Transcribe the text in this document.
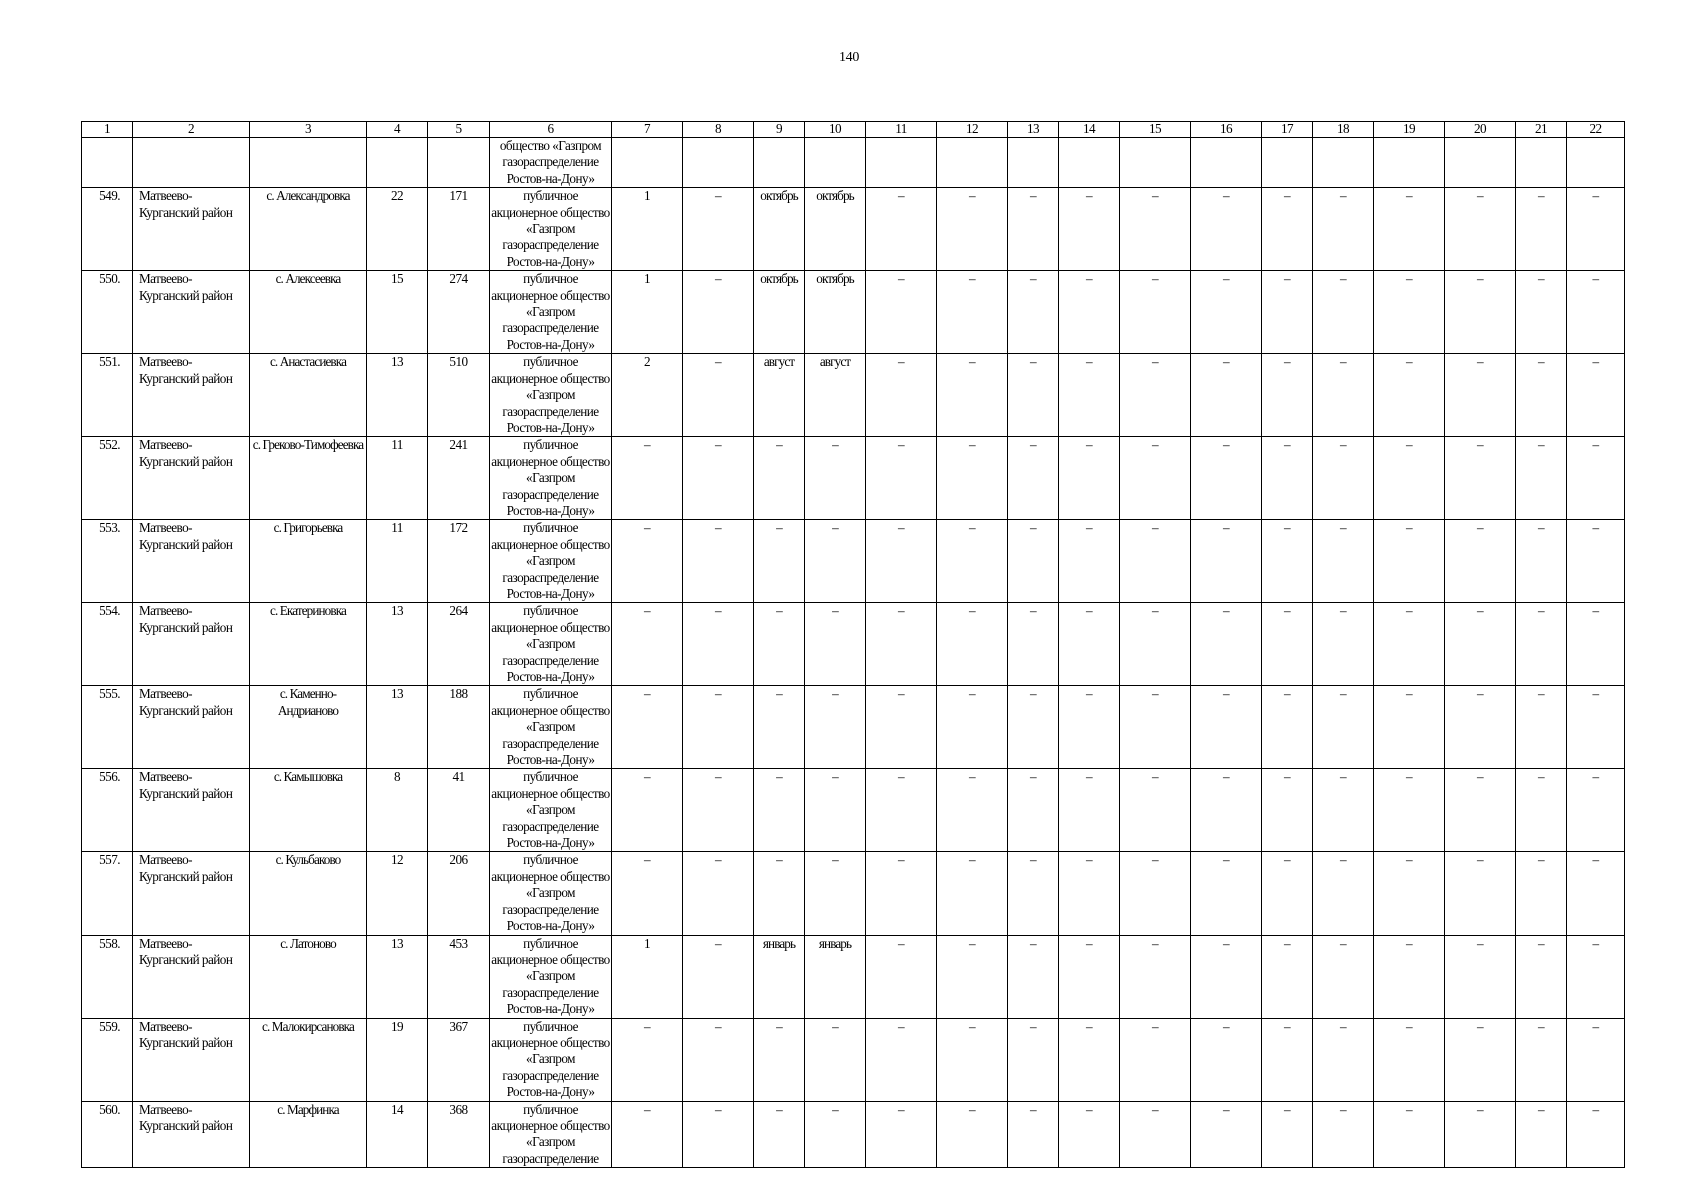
140
1	2	3	4	5	6	7	8	9	10	11	12	13	14	15	16	17	18	19	20	21	22
					общество «Газпром газораспределение Ростов-на-Дону»																
549.	Матвеево-Курганский район	с. Александровка	22	171	публичное акционерное общество «Газпром газораспределение Ростов-на-Дону»	1	–	октябрь	октябрь	–	–	–	–	–	–	–	–	–	–	–	–
550.	Матвеево-Курганский район	с. Алексеевка	15	274	публичное акционерное общество «Газпром газораспределение Ростов-на-Дону»	1	–	октябрь	октябрь	–	–	–	–	–	–	–	–	–	–	–	–
551.	Матвеево-Курганский район	с. Анастасиевка	13	510	публичное акционерное общество «Газпром газораспределение Ростов-на-Дону»	2	–	август	август	–	–	–	–	–	–	–	–	–	–	–	–
552.	Матвеево-Курганский район	с. Греково-Тимофеевка	11	241	публичное акционерное общество «Газпром газораспределение Ростов-на-Дону»	–	–	–	–	–	–	–	–	–	–	–	–	–	–	–	–
553.	Матвеево-Курганский район	с. Григорьевка	11	172	публичное акционерное общество «Газпром газораспределение Ростов-на-Дону»	–	–	–	–	–	–	–	–	–	–	–	–	–	–	–	–
554.	Матвеево-Курганский район	с. Екатериновка	13	264	публичное акционерное общество «Газпром газораспределение Ростов-на-Дону»	–	–	–	–	–	–	–	–	–	–	–	–	–	–	–	–
555.	Матвеево-Курганский район	с. Каменно-Андрианово	13	188	публичное акционерное общество «Газпром газораспределение Ростов-на-Дону»	–	–	–	–	–	–	–	–	–	–	–	–	–	–	–	–
556.	Матвеево-Курганский район	с. Камышовка	8	41	публичное акционерное общество «Газпром газораспределение Ростов-на-Дону»	–	–	–	–	–	–	–	–	–	–	–	–	–	–	–	–
557.	Матвеево-Курганский район	с. Кульбаково	12	206	публичное акционерное общество «Газпром газораспределение Ростов-на-Дону»	–	–	–	–	–	–	–	–	–	–	–	–	–	–	–	–
558.	Матвеево-Курганский район	с. Латоново	13	453	публичное акционерное общество «Газпром газораспределение Ростов-на-Дону»	1	–	январь	январь	–	–	–	–	–	–	–	–	–	–	–	–
559.	Матвеево-Курганский район	с. Малокирсановка	19	367	публичное акционерное общество «Газпром газораспределение Ростов-на-Дону»	–	–	–	–	–	–	–	–	–	–	–	–	–	–	–	–
560.	Матвеево-Курганский район	с. Марфинка	14	368	публичное акционерное общество «Газпром газораспределение	–	–	–	–	–	–	–	–	–	–	–	–	–	–	–	–
